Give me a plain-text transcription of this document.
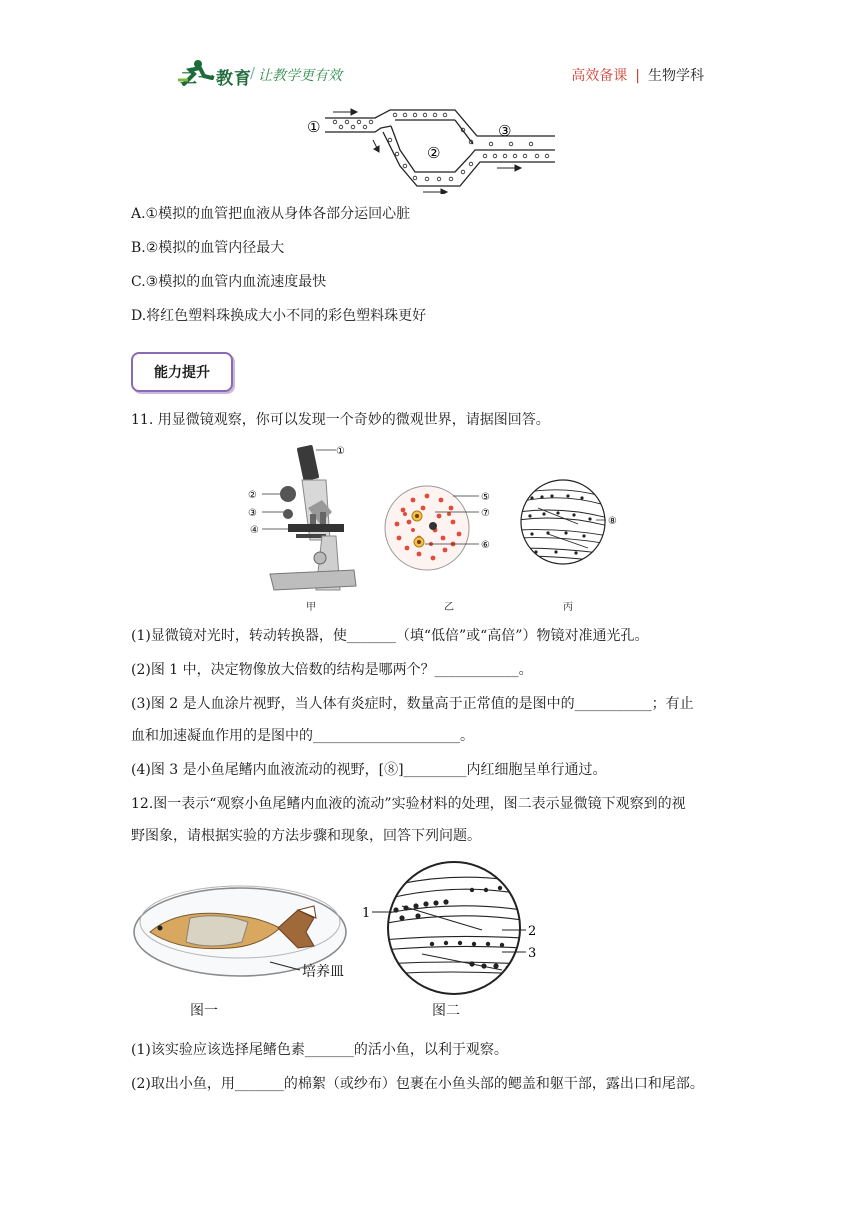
二一教育
/ 让教学更有效	高效备课 | 生物学科
①
②
③
A.①模拟的血管把血液从身体各部分运回心脏
B.②模拟的血管内径最大
C.③模拟的血管内血流速度最快
D.将红色塑料珠换成大小不同的彩色塑料珠更好
能力提升
11. 用显微镜观察，你可以发现一个奇妙的微观世界，请据图回答。
①
②
③
④
⑤
⑦
⑥
⑧
甲	乙	丙
(1)显微镜对光时，转动转换器，使_______（填“低倍”或“高倍”）物镜对准通光孔。
(2)图 1 中，决定物像放大倍数的结构是哪两个？____________。
(3)图 2 是人血涂片视野，当人体有炎症时，数量高于正常值的是图中的___________；有止
血和加速凝血作用的是图中的_____________________。
(4)图 3 是小鱼尾鳍内血液流动的视野，[⑧]_________内红细胞呈单行通过。
12.图一表示“观察小鱼尾鳍内血液的流动”实验材料的处理，图二表示显微镜下观察到的视
野图象，请根据实验的方法步骤和现象，回答下列问题。
培养皿
图一
1
2
3
图二
(1)该实验应该选择尾鳍色素_______的活小鱼，以利于观察。
(2)取出小鱼，用_______的棉絮（或纱布）包裹在小鱼头部的鳃盖和躯干部，露出口和尾部。
